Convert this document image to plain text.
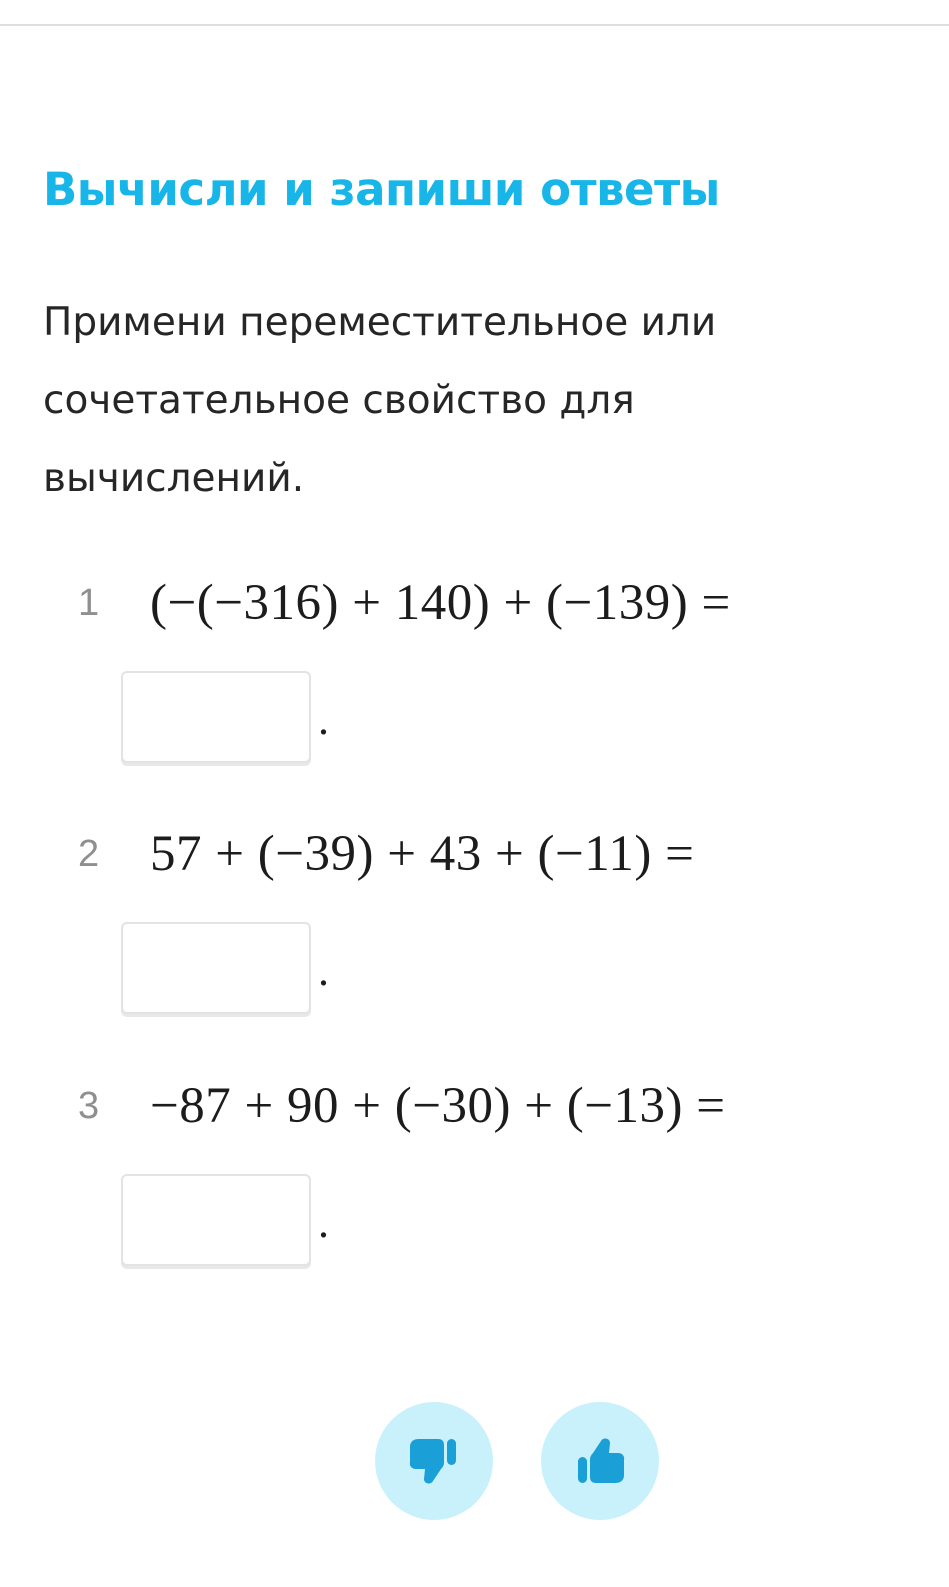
Вычисли и запиши ответы
Примени переместительное или сочетательное свойство для вычислений.
1 (−(−316) + 140) + (−139) =
.
2 57 + (−39) + 43 + (−11) =
.
3 −87 + 90 + (−30) + (−13) =
.
